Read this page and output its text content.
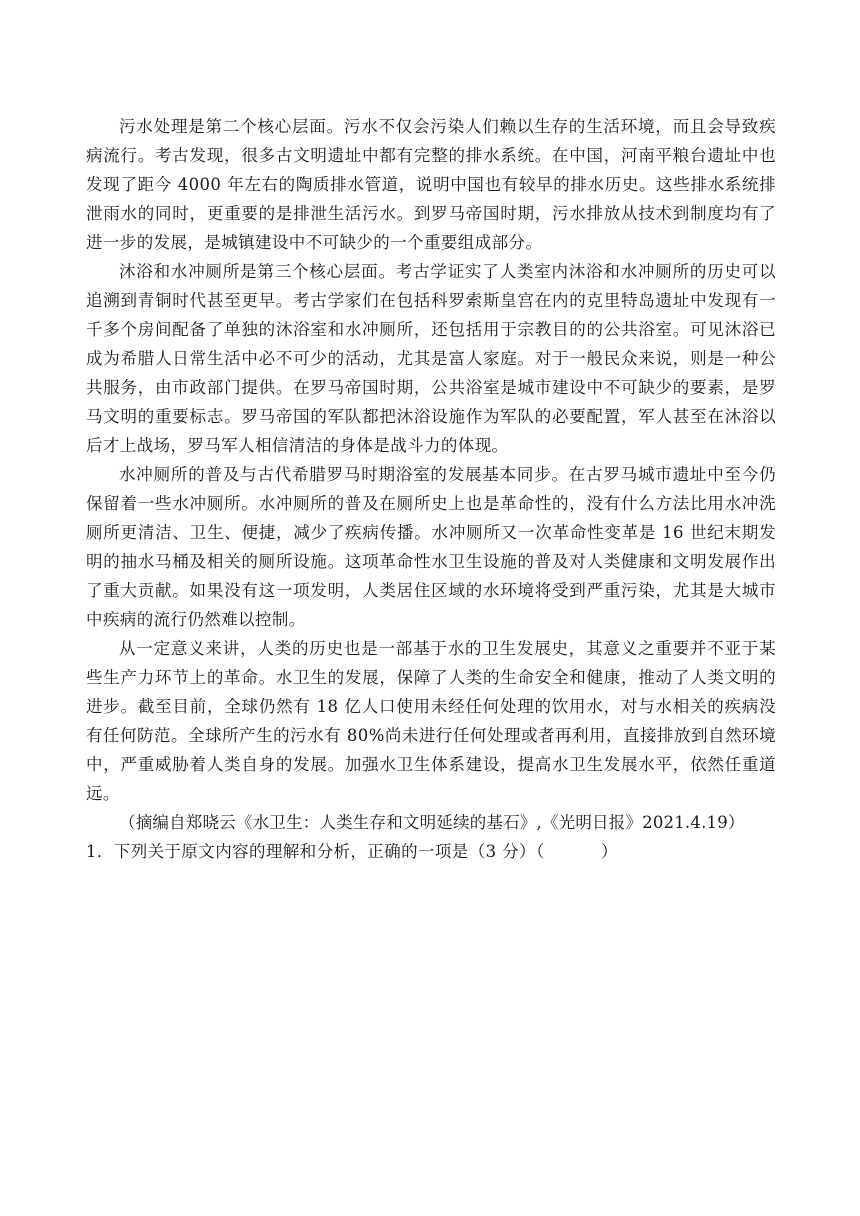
污水处理是第二个核心层面。污水不仅会污染人们赖以生存的生活环境，而且会导致疾病流行。考古发现，很多古文明遗址中都有完整的排水系统。在中国，河南平粮台遗址中也发现了距今 4000 年左右的陶质排水管道，说明中国也有较早的排水历史。这些排水系统排泄雨水的同时，更重要的是排泄生活污水。到罗马帝国时期，污水排放从技术到制度均有了进一步的发展，是城镇建设中不可缺少的一个重要组成部分。

沐浴和水冲厕所是第三个核心层面。考古学证实了人类室内沐浴和水冲厕所的历史可以追溯到青铜时代甚至更早。考古学家们在包括科罗索斯皇宫在内的克里特岛遗址中发现有一千多个房间配备了单独的沐浴室和水冲厕所，还包括用于宗教目的的公共浴室。可见沐浴已成为希腊人日常生活中必不可少的活动，尤其是富人家庭。对于一般民众来说，则是一种公共服务，由市政部门提供。在罗马帝国时期，公共浴室是城市建设中不可缺少的要素，是罗马文明的重要标志。罗马帝国的军队都把沐浴设施作为军队的必要配置，军人甚至在沐浴以后才上战场，罗马军人相信清洁的身体是战斗力的体现。

水冲厕所的普及与古代希腊罗马时期浴室的发展基本同步。在古罗马城市遗址中至今仍保留着一些水冲厕所。水冲厕所的普及在厕所史上也是革命性的，没有什么方法比用水冲洗厕所更清洁、卫生、便捷，减少了疾病传播。水冲厕所又一次革命性变革是 16 世纪末期发明的抽水马桶及相关的厕所设施。这项革命性水卫生设施的普及对人类健康和文明发展作出了重大贡献。如果没有这一项发明，人类居住区域的水环境将受到严重污染，尤其是大城市中疾病的流行仍然难以控制。

从一定意义来讲，人类的历史也是一部基于水的卫生发展史，其意义之重要并不亚于某些生产力环节上的革命。水卫生的发展，保障了人类的生命安全和健康，推动了人类文明的进步。截至目前，全球仍然有 18 亿人口使用未经任何处理的饮用水，对与水相关的疾病没有任何防范。全球所产生的污水有 80%尚未进行任何处理或者再利用，直接排放到自然环境中，严重威胁着人类自身的发展。加强水卫生体系建设，提高水卫生发展水平，依然任重道远。

（摘编自郑晓云《水卫生：人类生存和文明延续的基石》,《光明日报》2021.4.19）

1．下列关于原文内容的理解和分析，正确的一项是（3 分）（          ）
